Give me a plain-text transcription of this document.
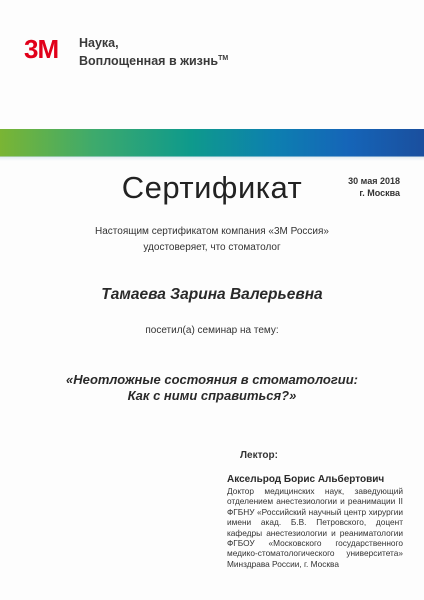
3M Наука,
Воплощенная в жизнь™
Сертификат	30 мая 2018
г. Москва
Настоящим сертификатом компания «3М Россия»
удостоверяет, что стоматолог
Тамаева Зарина Валерьевна
посетил(а) семинар на тему:
«Неотложные состояния в стоматологии:
Как с ними справиться?»
Лектор:
Аксельрод Борис Альбертович
Доктор медицинских наук, заведующий отделением анестезиологии и реанимации II ФГБНУ «Российский научный центр хирургии имени акад. Б.В. Петровского, доцент кафедры анестезиологии и реаниматологии ФГБОУ «Московского государственного медико-стоматологического университета» Минздрава России, г. Москва
